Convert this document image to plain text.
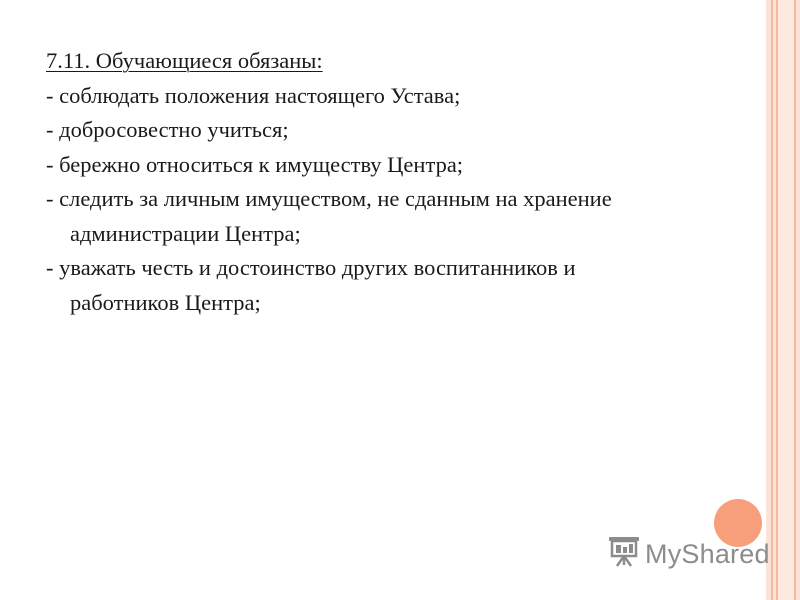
7.11. Обучающиеся обязаны:
- соблюдать положения настоящего Устава;
- добросовестно учиться;
- бережно относиться к имуществу Центра;
- следить за личным имуществом, не сданным на хранение
администрации Центра;
- уважать честь и достоинство других воспитанников и
работников Центра;
MyShared
